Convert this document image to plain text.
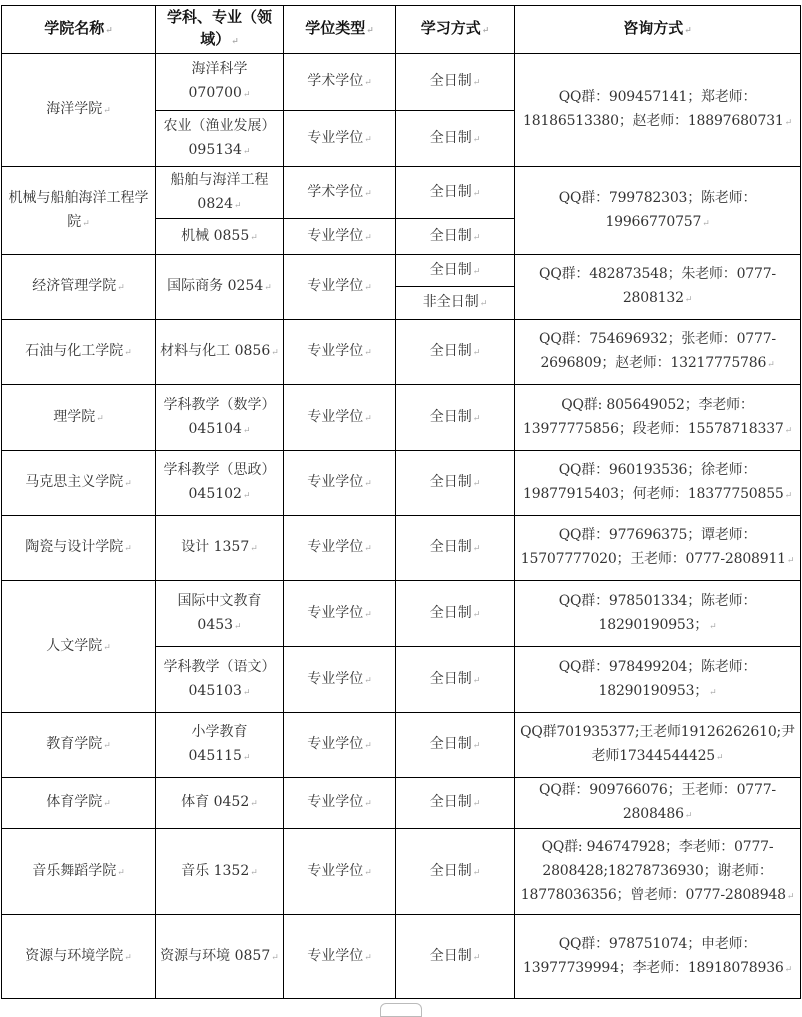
学院名称↵	学科、专业（领域）↵	学位类型↵	学习方式↵	咨询方式↵
海洋学院↵	海洋科学 070700↵	学术学位↵	全日制↵	QQ群：909457141；郑老师：18186513380；赵老师：18897680731↵
	农业（渔业发展）095134↵	专业学位↵	全日制↵	
机械与船舶海洋工程学院↵	船舶与海洋工程 0824↵	学术学位↵	全日制↵	QQ群：799782303；陈老师：19966770757↵
	机械 0855↵	专业学位↵	全日制↵	
经济管理学院↵	国际商务 0254↵	专业学位↵	全日制↵	QQ群：482873548；朱老师：0777-2808132↵
			非全日制↵	
石油与化工学院↵	材料与化工 0856↵	专业学位↵	全日制↵	QQ群：754696932；张老师：0777-2696809；赵老师：13217775786↵
理学院↵	学科教学（数学）045104↵	专业学位↵	全日制↵	QQ群: 805649052；李老师：13977775856；段老师：15578718337↵
马克思主义学院↵	学科教学（思政）045102↵	专业学位↵	全日制↵	QQ群：960193536；徐老师：19877915403；何老师：18377750855↵
陶瓷与设计学院↵	设计 1357↵	专业学位↵	全日制↵	QQ群：977696375；谭老师：15707777020；王老师：0777-2808911↵
人文学院↵	国际中文教育 0453↵	专业学位↵	全日制↵	QQ群：978501334；陈老师：18290190953；↵
	学科教学（语文）045103↵	专业学位↵	全日制↵	QQ群：978499204；陈老师：18290190953；↵
教育学院↵	小学教育 045115↵	专业学位↵	全日制↵	QQ群701935377;王老师19126262610;尹老师17344544425↵
体育学院↵	体育 0452↵	专业学位↵	全日制↵	QQ群：909766076；王老师：0777-2808486↵
音乐舞蹈学院↵	音乐 1352↵	专业学位↵	全日制↵	QQ群: 946747928；李老师：0777-2808428;18278736930；谢老师：18778036356；曾老师：0777-2808948↵
资源与环境学院↵	资源与环境 0857↵	专业学位↵	全日制↵	QQ群：978751074；申老师：13977739994；李老师：18918078936↵
